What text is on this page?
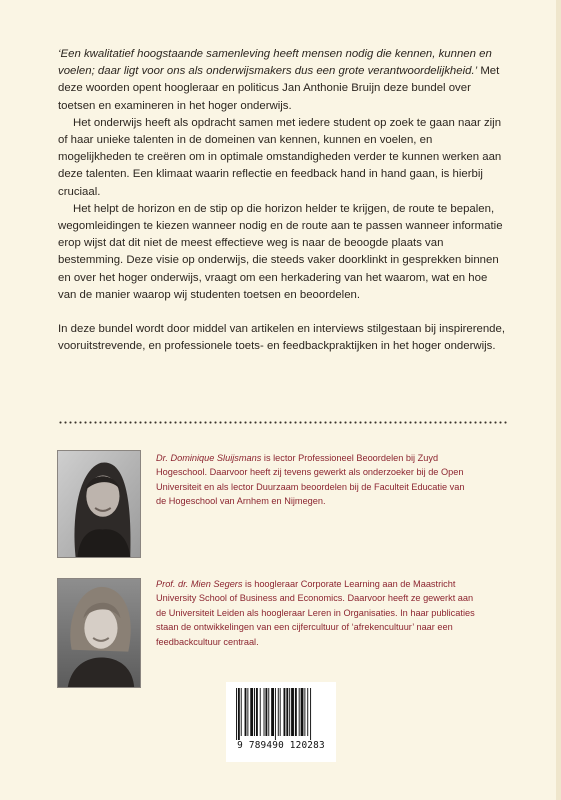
‘Een kwalitatief hoogstaande samenleving heeft mensen nodig die kennen, kunnen en voelen; daar ligt voor ons als onderwijsmakers dus een grote verantwoordelijkheid.’ Met deze woorden opent hoogleraar en politicus Jan Anthonie Bruijn deze bundel over toetsen en examineren in het hoger onderwijs.

Het onderwijs heeft als opdracht samen met iedere student op zoek te gaan naar zijn of haar unieke talenten in de domeinen van kennen, kunnen en voelen, en mogelijkheden te creëren om in optimale omstandigheden verder te kunnen werken aan deze talenten. Een klimaat waarin reflectie en feedback hand in hand gaan, is hierbij cruciaal.

Het helpt de horizon en de stip op die horizon helder te krijgen, de route te bepalen, wegomleidingen te kiezen wanneer nodig en de route aan te passen wanneer informatie erop wijst dat dit niet de meest effectieve weg is naar de beoogde plaats van bestemming. Deze visie op onderwijs, die steeds vaker doorklinkt in gesprekken binnen en over het hoger onderwijs, vraagt om een herkadering van het waarom, wat en hoe van de manier waarop wij studenten toetsen en beoordelen.

In deze bundel wordt door middel van artikelen en interviews stilgestaan bij inspirerende, vooruitstrevende, en professionele toets- en feedbackpraktijken in het hoger onderwijs.

Dr. Dominique Sluijsmans is lector Professioneel Beoordelen bij Zuyd Hogeschool. Daarvoor heeft zij tevens gewerkt als onderzoeker bij de Open Universiteit en als lector Duurzaam beoordelen bij de Faculteit Educatie van de Hogeschool van Arnhem en Nijmegen.
Prof. dr. Mien Segers is hoogleraar Corporate Learning aan de Maastricht University School of Business and Economics. Daarvoor heeft ze gewerkt aan de Universiteit Leiden als hoogleraar Leren in Organisaties. In haar publicaties staan de ontwikkelingen van een cijfercultuur of ‘afrekencultuur’ naar een feedbackcultuur centraal.
9 789490 120283
